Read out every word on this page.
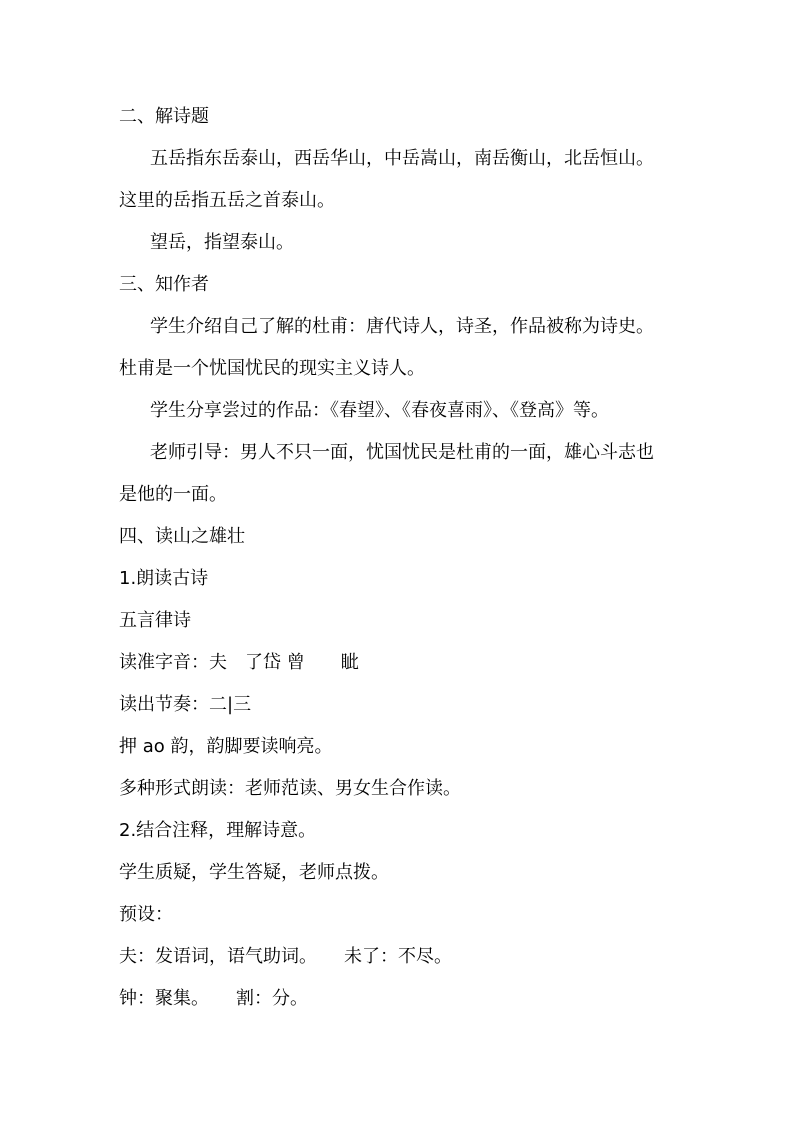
二、解诗题
五岳指东岳泰山，西岳华山，中岳嵩山，南岳衡山，北岳恒山。
这里的岳指五岳之首泰山。
望岳，指望泰山。
三、知作者
学生介绍自己了解的杜甫：唐代诗人，诗圣，作品被称为诗史。
杜甫是一个忧国忧民的现实主义诗人。
学生分享尝过的作品：《春望》、《春夜喜雨》、《登高》等。
老师引导：男人不只一面，忧国忧民是杜甫的一面，雄心斗志也
是他的一面。
四、读山之雄壮
1.朗读古诗
五言律诗
读准字音：夫　了岱 曾　　眦
读出节奏：二|三
押 ao 韵，韵脚要读响亮。
多种形式朗读：老师范读、男女生合作读。
2.结合注释，理解诗意。
学生质疑，学生答疑，老师点拨。
预设：
夫：发语词，语气助词。　　未了：不尽。
钟：聚集。　　割：分。
